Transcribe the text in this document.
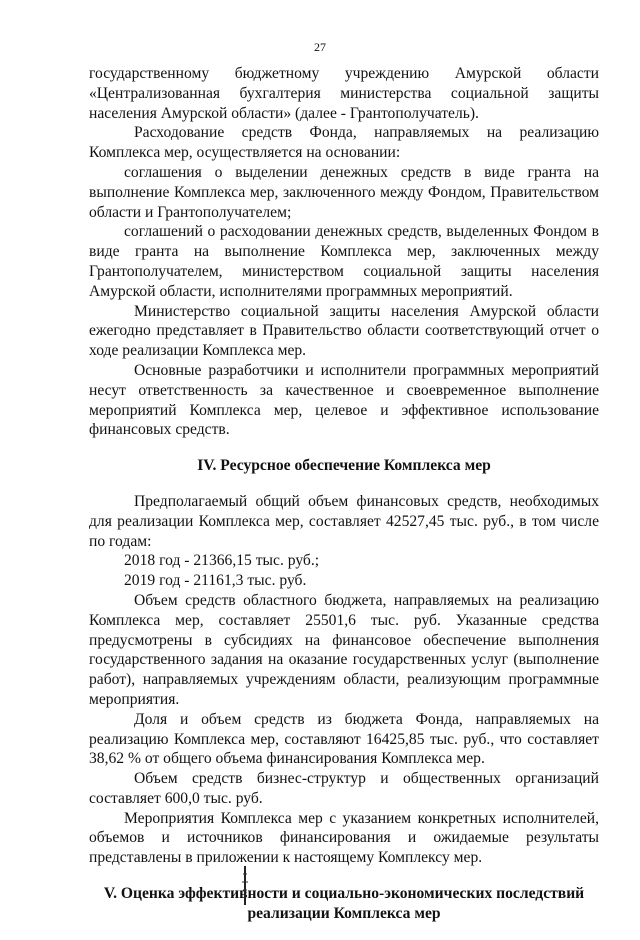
27

государственному бюджетному учреждению Амурской области «Централизованная бухгалтерия министерства социальной защиты населения Амурской области» (далее - Грантополучатель).

Расходование средств Фонда, направляемых на реализацию Комплекса мер, осуществляется на основании:

соглашения о выделении денежных средств в виде гранта на выполнение Комплекса мер, заключенного между Фондом, Правительством области и Грантополучателем;

соглашений о расходовании денежных средств, выделенных Фондом в виде гранта на выполнение Комплекса мер, заключенных между Грантополучателем, министерством социальной защиты населения Амурской области, исполнителями программных мероприятий.

Министерство социальной защиты населения Амурской области ежегодно представляет в Правительство области соответствующий отчет о ходе реализации Комплекса мер.

Основные разработчики и исполнители программных мероприятий несут ответственность за качественное и своевременное выполнение мероприятий Комплекса мер, целевое и эффективное использование финансовых средств.

IV. Ресурсное обеспечение Комплекса мер

Предполагаемый общий объем финансовых средств, необходимых для реализации Комплекса мер, составляет 42527,45 тыс. руб., в том числе по годам:

2018 год - 21366,15 тыс. руб.;

2019 год - 21161,3 тыс. руб.

Объем средств областного бюджета, направляемых на реализацию Комплекса мер, составляет 25501,6 тыс. руб. Указанные средства предусмотрены в субсидиях на финансовое обеспечение выполнения государственного задания на оказание государственных услуг (выполнение работ), направляемых учреждениям области, реализующим программные мероприятия.

Доля и объем средств из бюджета Фонда, направляемых на реализацию Комплекса мер, составляют 16425,85 тыс. руб., что составляет 38,62 % от общего объема финансирования Комплекса мер.

Объем средств бизнес-структур и общественных организаций составляет 600,0 тыс. руб.

Мероприятия Комплекса мер с указанием конкретных исполнителей, объемов и источников финансирования и ожидаемые результаты представлены в приложении к настоящему Комплексу мер.

V. Оценка эффективности и социально-экономических последствий
реализации Комплекса мер
